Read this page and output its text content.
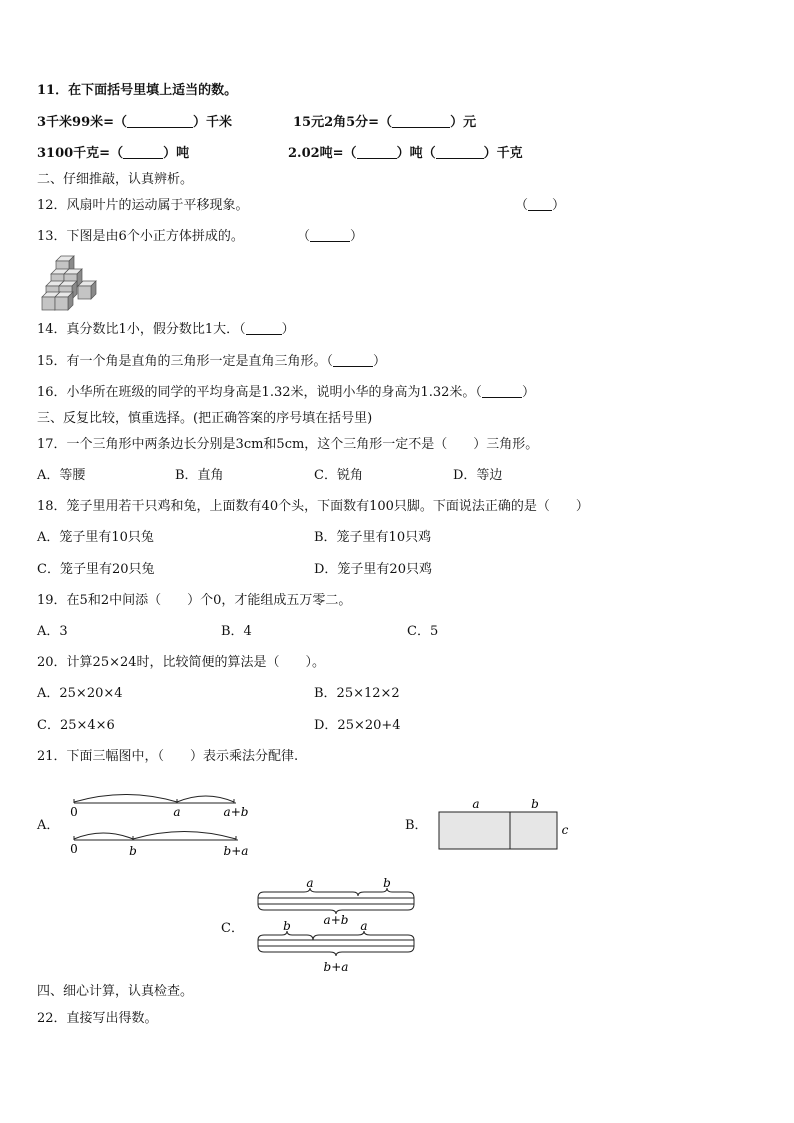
11．在下面括号里填上适当的数。
3千米99米=（	）千米	15元2角5分=（	）元
3100千克=（	）吨	2.02吨=（	）吨（	）千克
二、仔细推敲，认真辨析。
12．风扇叶片的运动属于平移现象。	（ ）
13．下图是由6个小正方体拼成的。	（	）
14．真分数比1小，假分数比1大．（	）
15．有一个角是直角的三角形一定是直角三角形。（	）
16．小华所在班级的同学的平均身高是1.32米，说明小华的身高为1.32米。（	）
三、反复比较，慎重选择。(把正确答案的序号填在括号里)
17．一个三角形中两条边长分别是3cm和5cm，这个三角形一定不是（　　）三角形。
A．等腰	B．直角	C．锐角	D．等边
18．笼子里用若干只鸡和兔，上面数有40个头，下面数有100只脚。下面说法正确的是（　　）
A．笼子里有10只兔	B．笼子里有10只鸡
C．笼子里有20只兔	D．笼子里有20只鸡
19．在5和2中间添（　　）个0，才能组成五万零二。
A．3	B．4	C．5
20．计算25×24时，比较简便的算法是（　　）。
A．25×20×4	B．25×12×2
C．25×4×6	D．25×20+4
21．下面三幅图中，（　　）表示乘法分配律.
A．
0	a	a+b
0	b	b+a
B．
a	b
c
C．
a	b
a+b
b	a
b+a
四、细心计算，认真检查。
22．直接写出得数。
